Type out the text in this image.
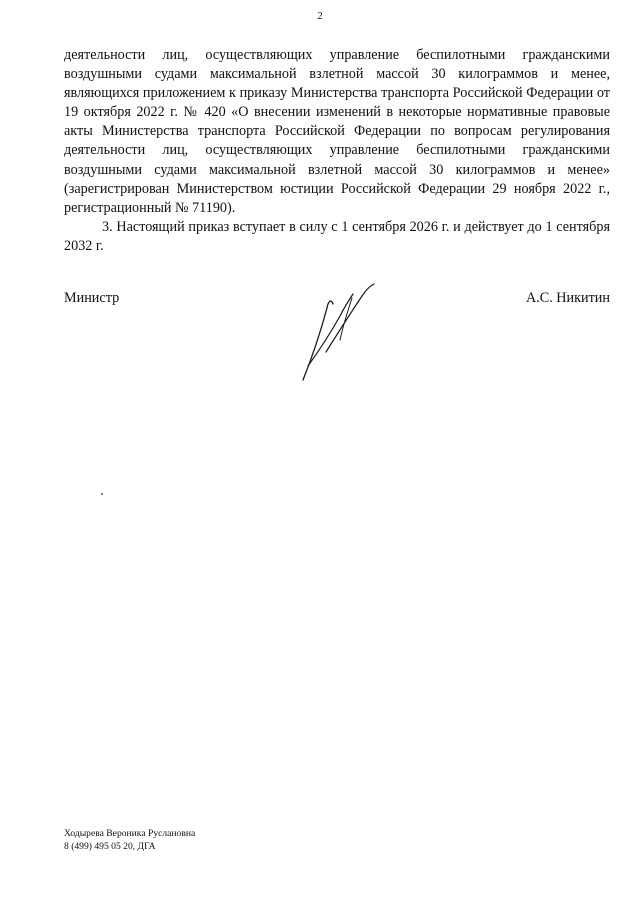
2

деятельности лиц, осуществляющих управление беспилотными гражданскими воздушными судами максимальной взлетной массой 30 килограммов и менее, являющихся приложением к приказу Министерства транспорта Российской Федерации от 19 октября 2022 г. № 420 «О внесении изменений в некоторые нормативные правовые акты Министерства транспорта Российской Федерации по вопросам регулирования деятельности лиц, осуществляющих управление беспилотными гражданскими воздушными судами максимальной взлетной массой 30 килограммов и менее» (зарегистрирован Министерством юстиции Российской Федерации 29 ноября 2022 г., регистрационный № 71190).

3. Настоящий приказ вступает в силу с 1 сентября 2026 г. и действует до 1 сентября 2032 г.

Министр	А.С. Никитин
Ходырева Вероника Руслановна
8 (499) 495 05 20, ДГА
